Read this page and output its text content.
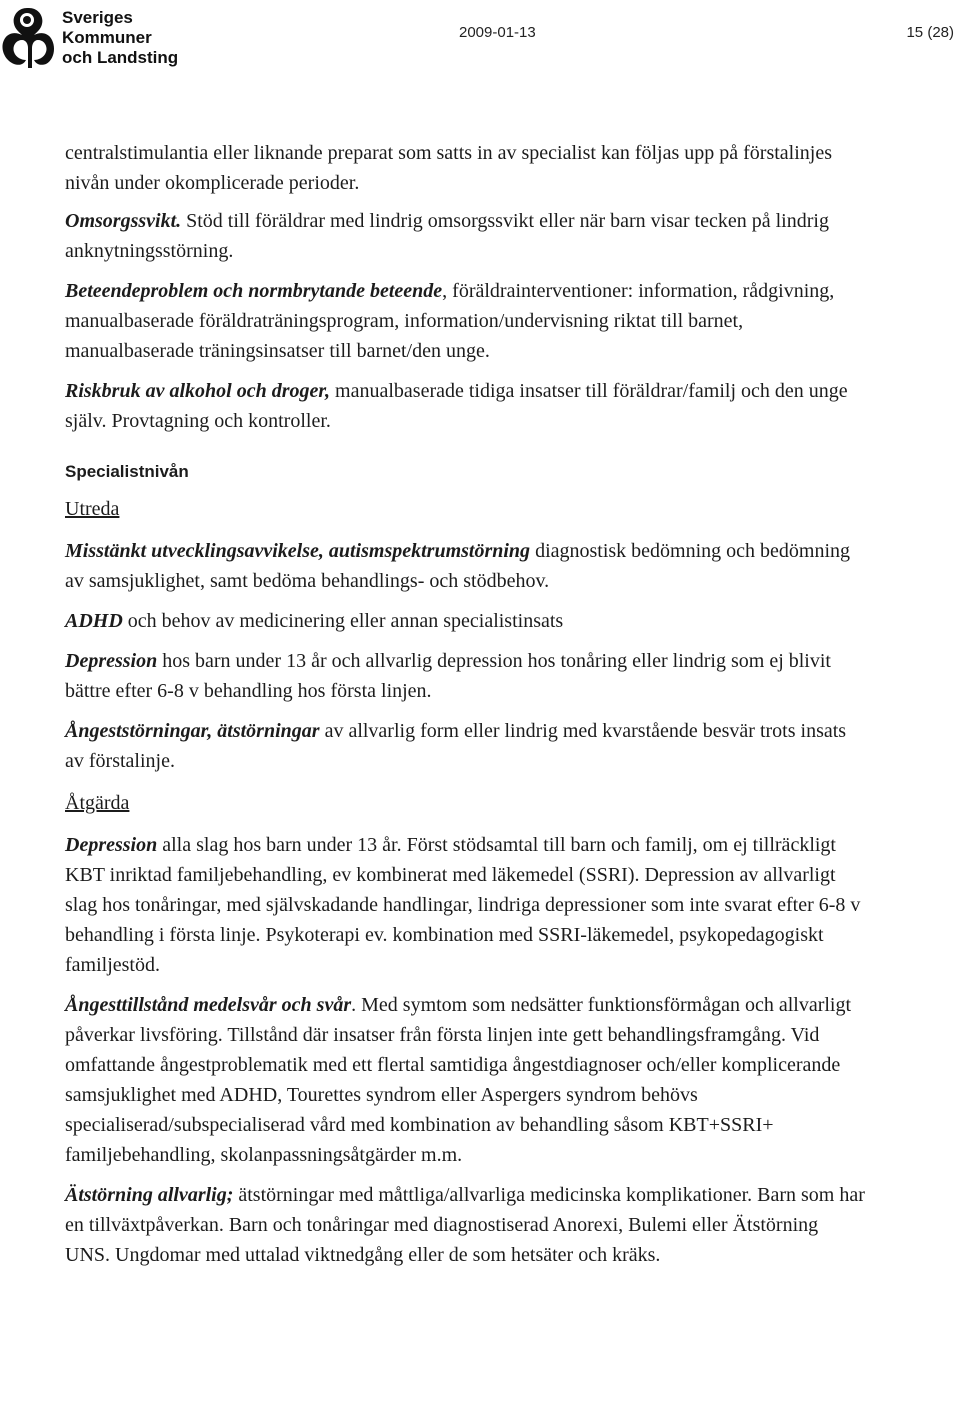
Sveriges
Kommuner
och Landsting
2009-01-13	15 (28)

centralstimulantia eller liknande preparat som satts in av specialist kan följas upp på förstalinjes nivån under okomplicerade perioder.

Omsorgssvikt. Stöd till föräldrar med lindrig omsorgssvikt eller när barn visar tecken på lindrig anknytningsstörning.

Beteendeproblem och normbrytande beteende, föräldrainterventioner: information, rådgivning, manualbaserade föräldraträningsprogram, information/undervisning riktat till barnet, manualbaserade träningsinsatser till barnet/den unge.

Riskbruk av alkohol och droger, manualbaserade tidiga insatser till föräldrar/familj och den unge själv. Provtagning och kontroller.

Specialistnivån
Utreda

Misstänkt utvecklingsavvikelse, autismspektrumstörning diagnostisk bedömning och bedömning av samsjuklighet, samt bedöma behandlings- och stödbehov.

ADHD och behov av medicinering eller annan specialistinsats

Depression hos barn under 13 år och allvarlig depression hos tonåring eller lindrig som ej blivit bättre efter 6-8 v behandling hos första linjen.

Ångeststörningar, ätstörningar av allvarlig form eller lindrig med kvarstående besvär trots insats av förstalinje.

Åtgärda

Depression alla slag hos barn under 13 år. Först stödsamtal till barn och familj, om ej tillräckligt KBT inriktad familjebehandling, ev kombinerat med läkemedel (SSRI). Depression av allvarligt slag hos tonåringar, med självskadande handlingar, lindriga depressioner som inte svarat efter 6-8 v behandling i första linje. Psykoterapi ev. kombination med SSRI-läkemedel, psykopedagogiskt familjestöd.

Ångesttillstånd medelsvår och svår. Med symtom som nedsätter funktionsförmågan och allvarligt påverkar livsföring. Tillstånd där insatser från första linjen inte gett behandlingsframgång. Vid omfattande ångestproblematik med ett flertal samtidiga ångestdiagnoser och/eller komplicerande samsjuklighet med ADHD, Tourettes syndrom eller Aspergers syndrom behövs specialiserad/subspecialiserad vård med kombination av behandling såsom KBT+SSRI+ familjebehandling, skolanpassningsåtgärder m.m.

Ätstörning allvarlig; ätstörningar med måttliga/allvarliga medicinska komplikationer. Barn som har en tillväxtpåverkan. Barn och tonåringar med diagnostiserad Anorexi, Bulemi eller Ätstörning UNS. Ungdomar med uttalad viktnedgång eller de som hetsäter och kräks.
